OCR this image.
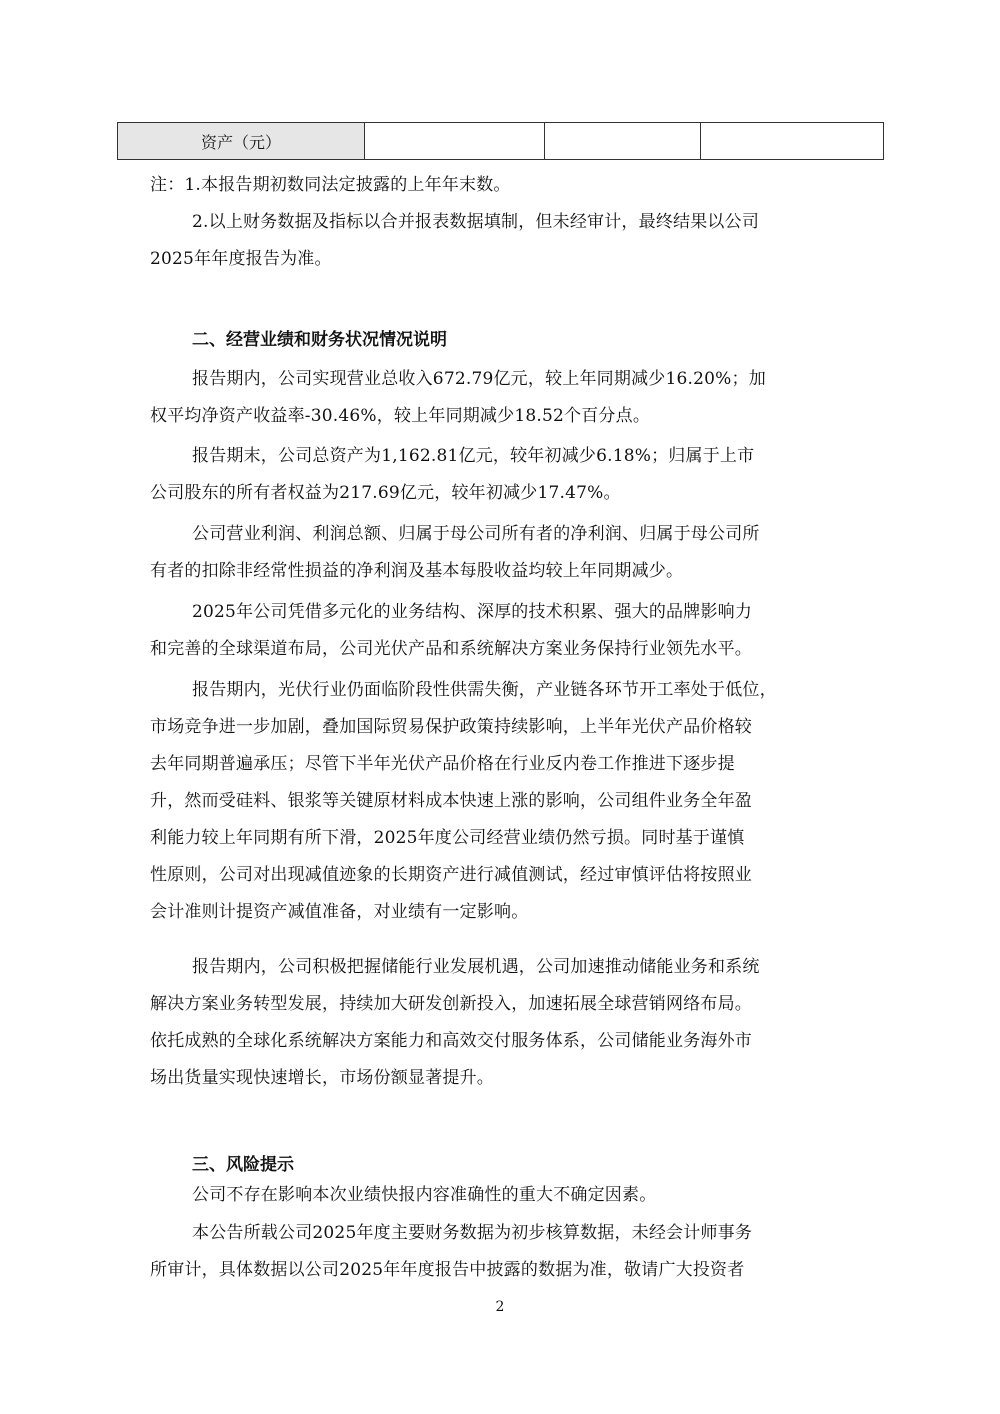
资产（元）			
注：1.本报告期初数同法定披露的上年年末数。
2.以上财务数据及指标以合并报表数据填制，但未经审计，最终结果以公司
2025年年度报告为准。
二、经营业绩和财务状况情况说明
报告期内，公司实现营业总收入672.79亿元，较上年同期减少16.20%；加
权平均净资产收益率-30.46%，较上年同期减少18.52个百分点。
报告期末，公司总资产为1,162.81亿元，较年初减少6.18%；归属于上市
公司股东的所有者权益为217.69亿元，较年初减少17.47%。
公司营业利润、利润总额、归属于母公司所有者的净利润、归属于母公司所
有者的扣除非经常性损益的净利润及基本每股收益均较上年同期减少。
2025年公司凭借多元化的业务结构、深厚的技术积累、强大的品牌影响力
和完善的全球渠道布局，公司光伏产品和系统解决方案业务保持行业领先水平。
报告期内，光伏行业仍面临阶段性供需失衡，产业链各环节开工率处于低位，
市场竞争进一步加剧，叠加国际贸易保护政策持续影响，上半年光伏产品价格较
去年同期普遍承压；尽管下半年光伏产品价格在行业反内卷工作推进下逐步提
升，然而受硅料、银浆等关键原材料成本快速上涨的影响，公司组件业务全年盈
利能力较上年同期有所下滑，2025年度公司经营业绩仍然亏损。同时基于谨慎
性原则，公司对出现减值迹象的长期资产进行减值测试，经过审慎评估将按照业
会计准则计提资产减值准备，对业绩有一定影响。
报告期内，公司积极把握储能行业发展机遇，公司加速推动储能业务和系统
解决方案业务转型发展，持续加大研发创新投入，加速拓展全球营销网络布局。
依托成熟的全球化系统解决方案能力和高效交付服务体系，公司储能业务海外市
场出货量实现快速增长，市场份额显著提升。
三、风险提示
公司不存在影响本次业绩快报内容准确性的重大不确定因素。
本公告所载公司2025年度主要财务数据为初步核算数据，未经会计师事务
所审计，具体数据以公司2025年年度报告中披露的数据为准，敬请广大投资者
2
